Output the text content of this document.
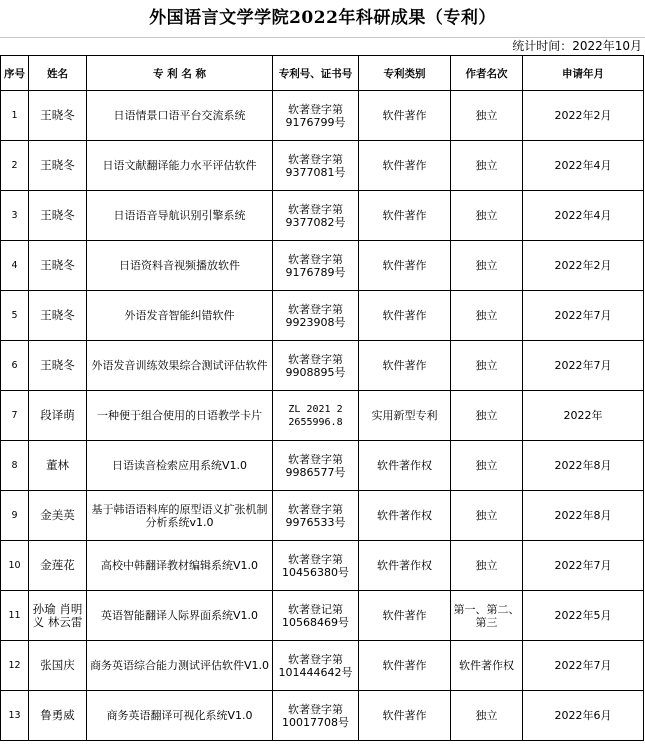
外国语言文学学院2022年科研成果（专利）
统计时间：2022年10月
序号	姓名	专 利 名 称	专利号、证书号	专利类别	作者名次	申请年月
1	王晓冬	日语情景口语平台交流系统	软著登字第9176799号	软件著作	独立	2022年2月
2	王晓冬	日语文献翻译能力水平评估软件	软著登字第9377081号	软件著作	独立	2022年4月
3	王晓冬	日语语音导航识别引擎系统	软著登字第9377082号	软件著作	独立	2022年4月
4	王晓冬	日语资料音视频播放软件	软著登字第9176789号	软件著作	独立	2022年2月
5	王晓冬	外语发音智能纠错软件	软著登字第9923908号	软件著作	独立	2022年7月
6	王晓冬	外语发音训练效果综合测试评估软件	软著登字第9908895号	软件著作	独立	2022年7月
7	段译萌	一种便于组合使用的日语教学卡片	ZL 2021 2 2655996.8	实用新型专利	独立	2022年
8	董林	日语读音检索应用系统V1.0	软著登字第9986577号	软件著作权	独立	2022年8月
9	金美英	基于韩语语料库的原型语义扩张机制分析系统v1.0	软著登字第9976533号	软件著作权	独立	2022年8月
10	金莲花	高校中韩翻译教材编辑系统V1.0	软著登字第10456380号	软件著作权	独立	2022年7月
11	孙瑜 肖明义 林云雷	英语智能翻译人际界面系统V1.0	软著登记第10568469号	软件著作	第一、第二、第三	2022年5月
12	张国庆	商务英语综合能力测试评估软件V1.0	软著登字第101444642号	软件著作	软件著作权	2022年7月
13	鲁勇威	商务英语翻译可视化系统V1.0	软著登字第10017708号	软件著作	独立	2022年6月
